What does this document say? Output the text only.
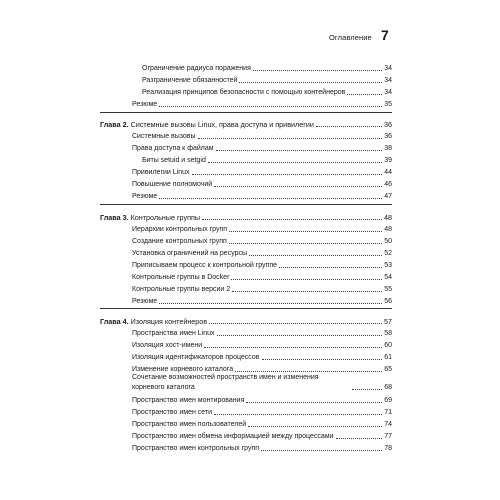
Оглавление 7
Ограничение радиуса поражения	34
Разграничение обязанностей	34
Реализация принципов безопасности с помощью контейнеров	34
Резюме	35
Глава 2. Системные вызовы Linux, права доступа и привилегии	36
Системные вызовы	36
Права доступа к файлам	38
Биты setuid и setgid	39
Привилегии Linux	44
Повышение полномочий	46
Резюме	47
Глава 3. Контрольные группы	48
Иерархии контрольных групп	48
Создание контрольных групп	50
Установка ограничений на ресурсы	52
Приписываем процесс к контрольной группе	53
Контрольные группы в Docker	54
Контрольные группы версии 2	55
Резюме	56
Глава 4. Изоляция контейнеров	57
Пространства имен Linux	58
Изоляция хост-имени	60
Изоляция идентификаторов процессов	61
Изменение корневого каталога	65
Сочетание возможностей пространств имен и изменения корневого каталога	68
Пространство имен монтирования	69
Пространство имен сети	71
Пространство имен пользователей	74
Пространство имен обмена информацией между процессами	77
Пространство имен контрольных групп	78
